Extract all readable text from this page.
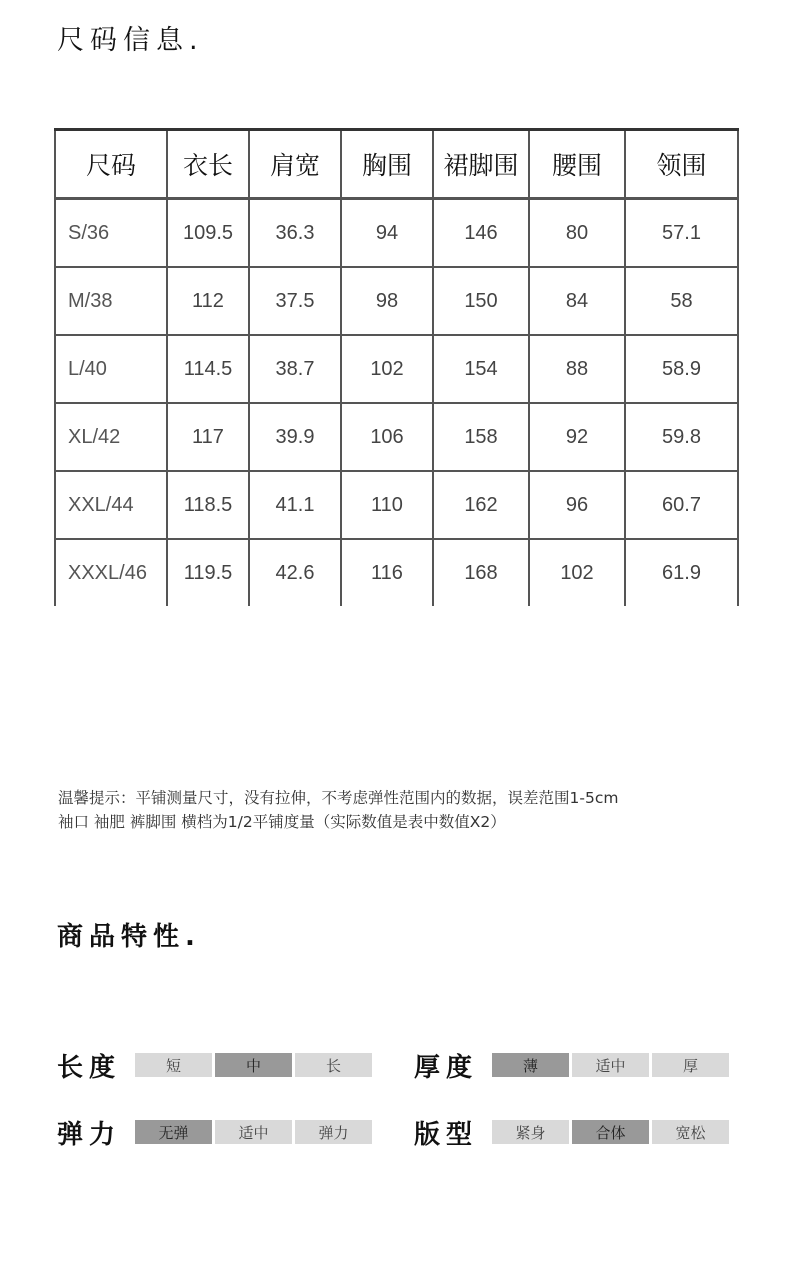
尺码信息.
尺码	衣长	肩宽	胸围	裙脚围	腰围	领围
S/36	109.5	36.3	94	146	80	57.1
M/38	112	37.5	98	150	84	58
L/40	114.5	38.7	102	154	88	58.9
XL/42	117	39.9	106	158	92	59.8
XXL/44	118.5	41.1	110	162	96	60.7
XXXL/46	119.5	42.6	116	168	102	61.9
温馨提示：平铺测量尺寸，没有拉伸，不考虑弹性范围内的数据，误差范围1-5cm
袖口 袖肥 裤脚围 横档为1/2平铺度量（实际数值是表中数值X2）
商品特性.
长度	短	中	长	厚度	薄	适中	厚
弹力	无弹	适中	弹力	版型	紧身	合体	宽松
